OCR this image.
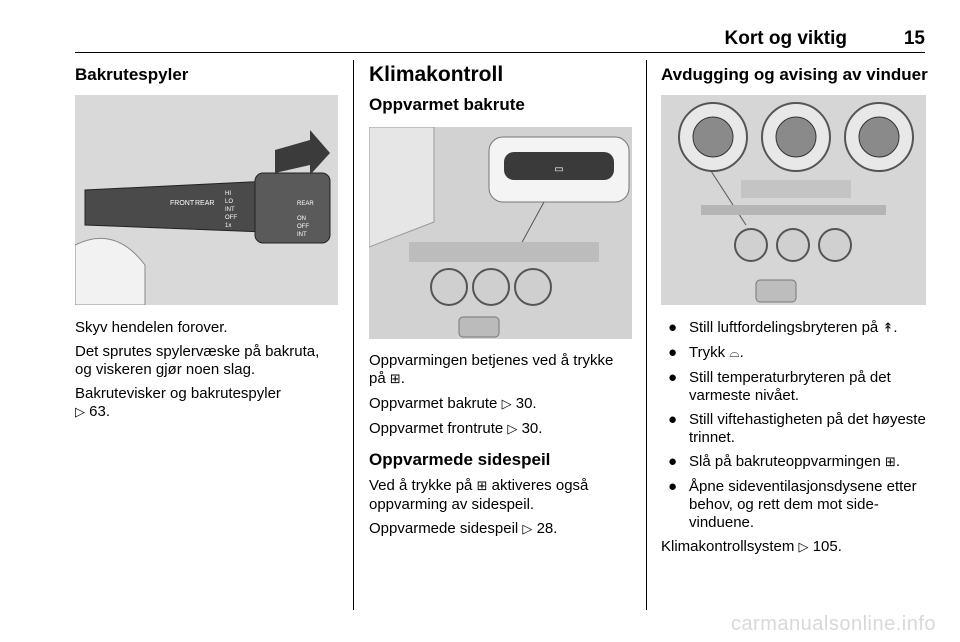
Kort og viktig	15
Bakrutespyler
FRONT REAR
HI
LO
INT
OFF
1x
REAR
ON
OFF
INT

Skyv hendelen forover.

Det sprutes spylervæske på bakruta, og viskeren gjør noen slag.

Bakrutevisker og bakrutespyler
▷ 63.

Klimakontroll
Oppvarmet bakrute
▭

Oppvarmingen betjenes ved å trykke på ⊞.

Oppvarmet bakrute ▷ 30.

Oppvarmet frontrute ▷ 30.

Oppvarmede sidespeil

Ved å trykke på ⊞ aktiveres også oppvarming av sidespeil.

Oppvarmede sidespeil ▷ 28.

Avdugging og avising av vinduer
● Still luftfordelingsbryteren på ↟.
● Trykk ⌓.
● Still temperaturbryteren på det varmeste nivået.
● Still viftehastigheten på det høyeste trinnet.
● Slå på bakruteoppvarmingen ⊞.
● Åpne sideventilasjonsdysene etter behov, og rett dem mot side-vinduene.

Klimakontrollsystem ▷ 105.

carmanualsonline.info
